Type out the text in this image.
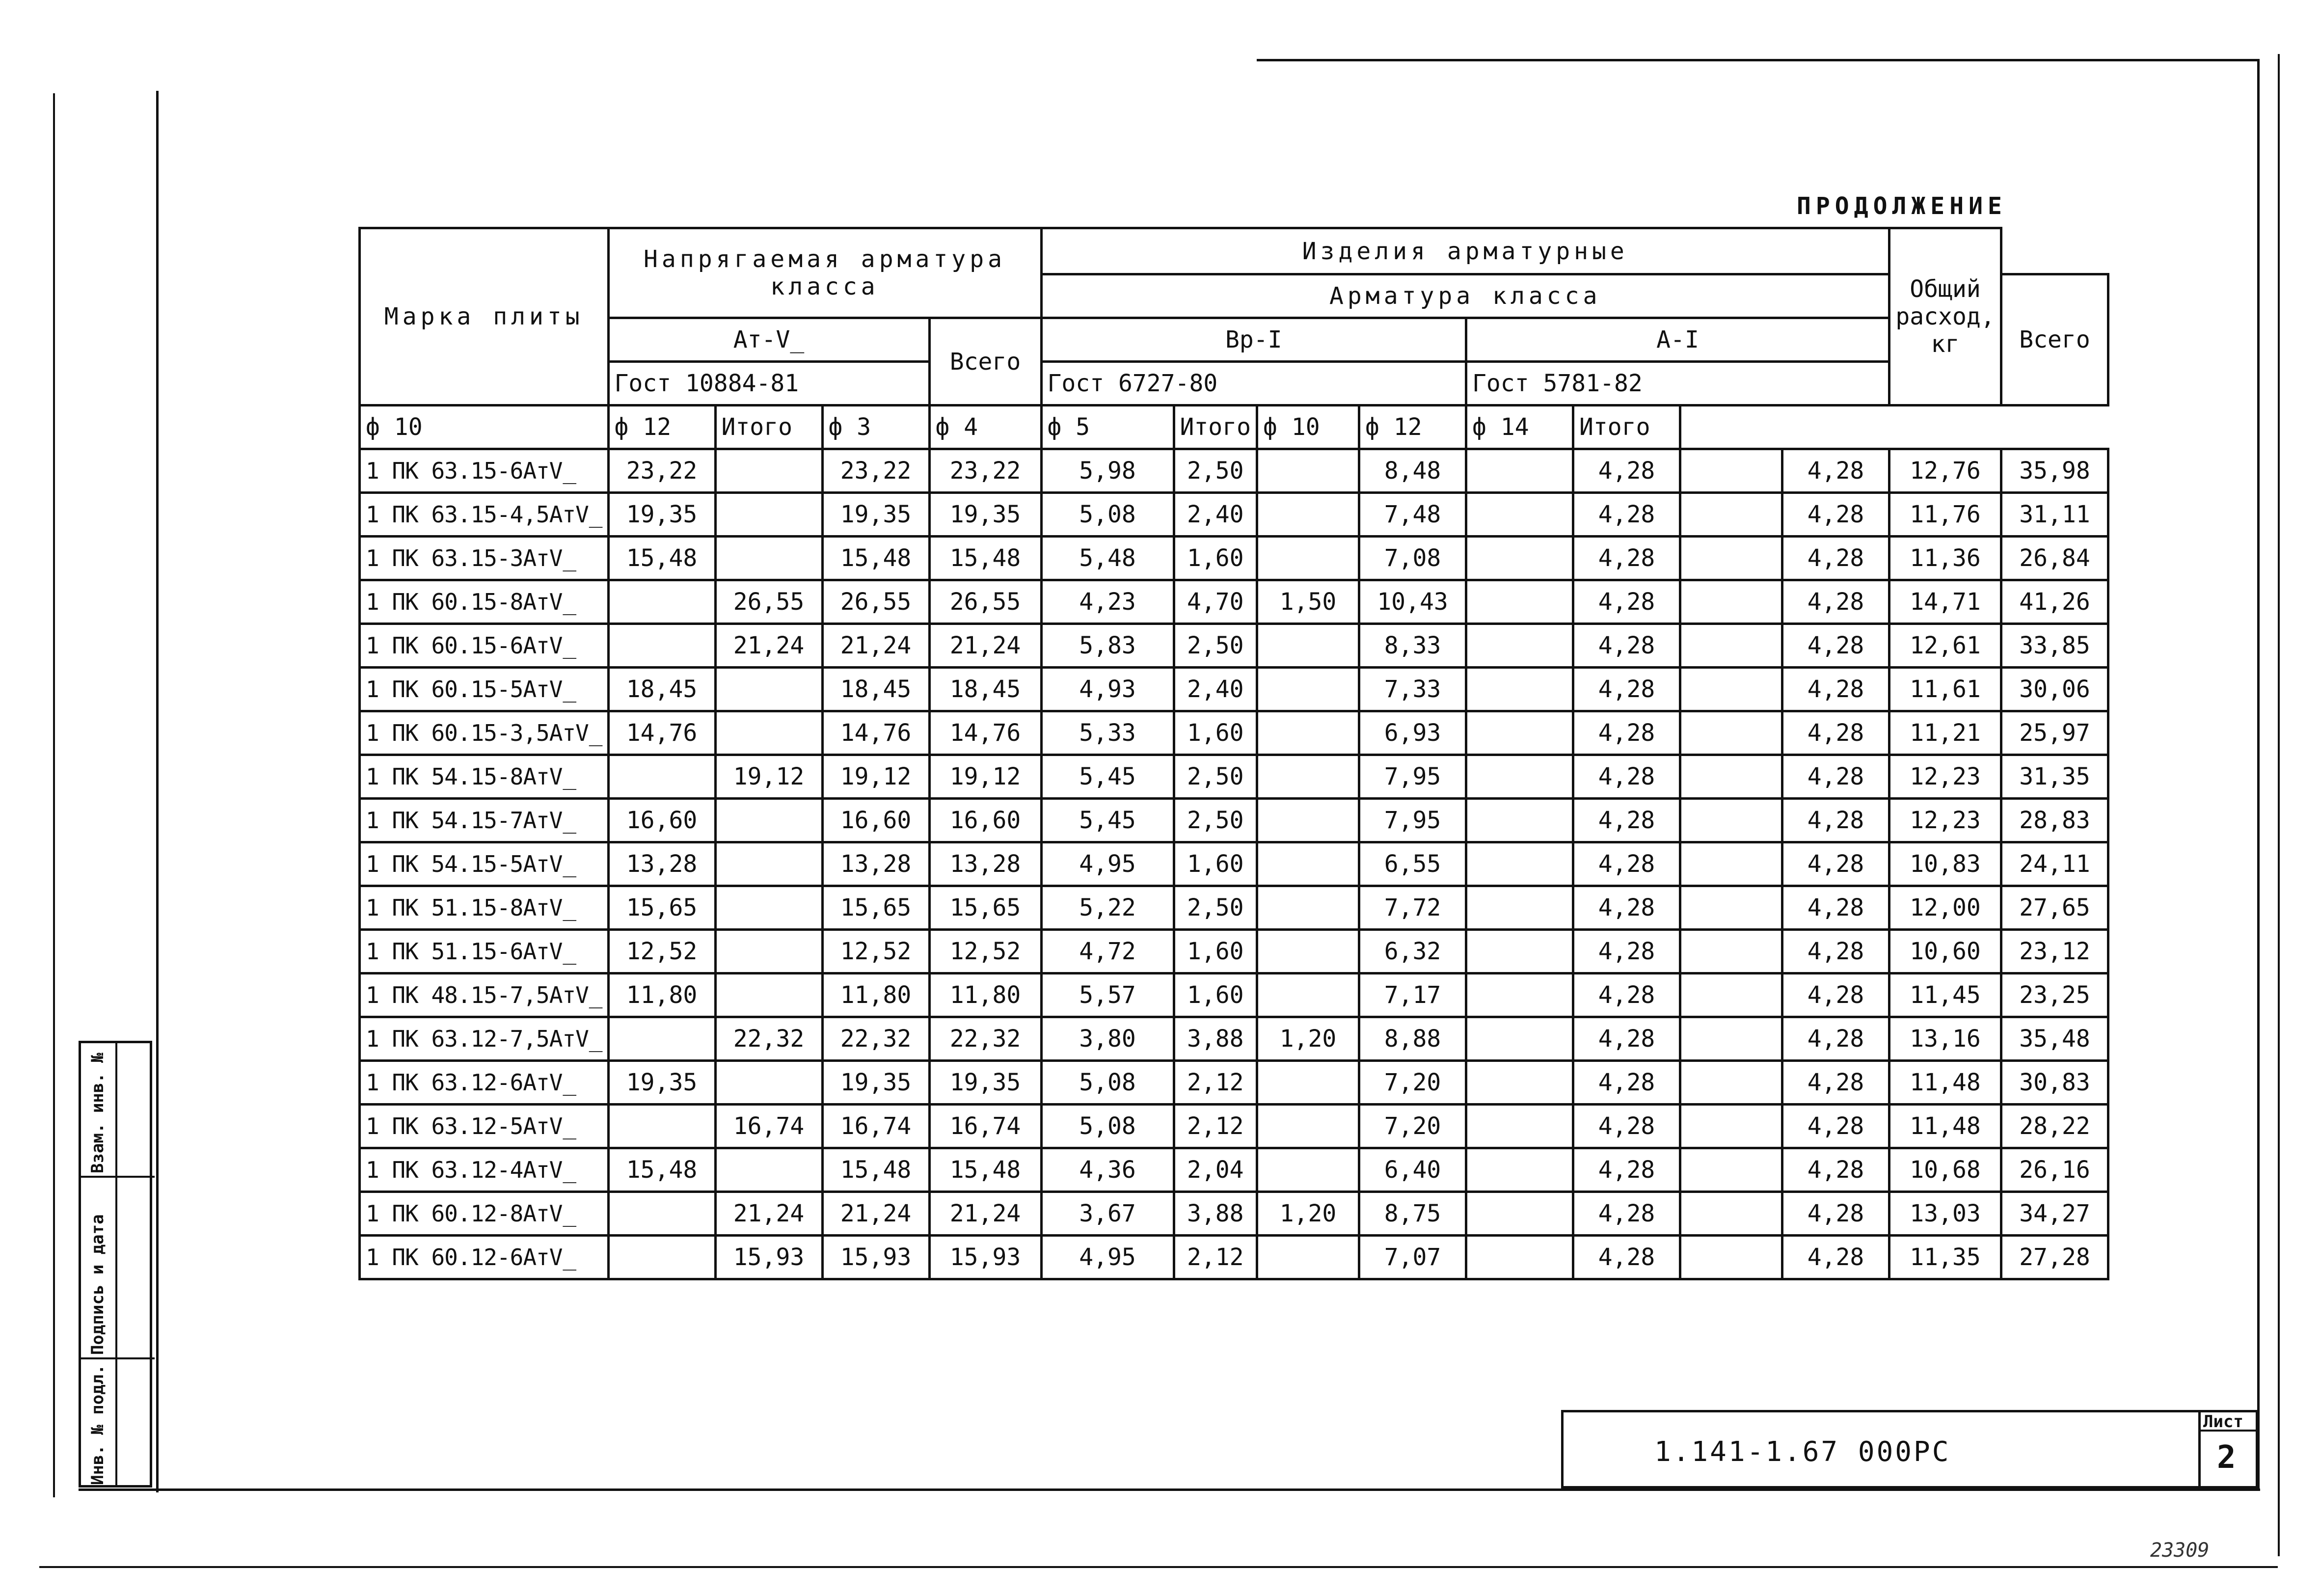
ПРОДОЛЖЕНИЕ
Марка плиты	Напрягаемая арматура класса				Изделия арматурные								Общий расход, кг	
					Арматура класса									Всего
	Ат-V̲			Всего	Вр-I				А-I					
	Гост 10884-81				Гост 6727-80				Гост 5781-82					
ф 10	ф 12	Итого	ф 3	ф 4	ф 5	Итого	ф 10	ф 12	ф 14	Итого				
1 ПК 63.15-6АтV̲	23,22		23,22	23,22	5,98	2,50		8,48		4,28		4,28	12,76	35,98
1 ПК 63.15-4,5АтV̲	19,35		19,35	19,35	5,08	2,40		7,48		4,28		4,28	11,76	31,11
1 ПК 63.15-3АтV̲	15,48		15,48	15,48	5,48	1,60		7,08		4,28		4,28	11,36	26,84
1 ПК 60.15-8АтV̲		26,55	26,55	26,55	4,23	4,70	1,50	10,43		4,28		4,28	14,71	41,26
1 ПК 60.15-6АтV̲		21,24	21,24	21,24	5,83	2,50		8,33		4,28		4,28	12,61	33,85
1 ПК 60.15-5АтV̲	18,45		18,45	18,45	4,93	2,40		7,33		4,28		4,28	11,61	30,06
1 ПК 60.15-3,5АтV̲	14,76		14,76	14,76	5,33	1,60		6,93		4,28		4,28	11,21	25,97
1 ПК 54.15-8АтV̲		19,12	19,12	19,12	5,45	2,50		7,95		4,28		4,28	12,23	31,35
1 ПК 54.15-7АтV̲	16,60		16,60	16,60	5,45	2,50		7,95		4,28		4,28	12,23	28,83
1 ПК 54.15-5АтV̲	13,28		13,28	13,28	4,95	1,60		6,55		4,28		4,28	10,83	24,11
1 ПК 51.15-8АтV̲	15,65		15,65	15,65	5,22	2,50		7,72		4,28		4,28	12,00	27,65
1 ПК 51.15-6АтV̲	12,52		12,52	12,52	4,72	1,60		6,32		4,28		4,28	10,60	23,12
1 ПК 48.15-7,5АтV̲	11,80		11,80	11,80	5,57	1,60		7,17		4,28		4,28	11,45	23,25
1 ПК 63.12-7,5АтV̲		22,32	22,32	22,32	3,80	3,88	1,20	8,88		4,28		4,28	13,16	35,48
1 ПК 63.12-6АтV̲	19,35		19,35	19,35	5,08	2,12		7,20		4,28		4,28	11,48	30,83
1 ПК 63.12-5АтV̲		16,74	16,74	16,74	5,08	2,12		7,20		4,28		4,28	11,48	28,22
1 ПК 63.12-4АтV̲	15,48		15,48	15,48	4,36	2,04		6,40		4,28		4,28	10,68	26,16
1 ПК 60.12-8АтV̲		21,24	21,24	21,24	3,67	3,88	1,20	8,75		4,28		4,28	13,03	34,27
1 ПК 60.12-6АтV̲		15,93	15,93	15,93	4,95	2,12		7,07		4,28		4,28	11,35	27,28
1.141-1.67 000РС
Лист
2
Взам. инв. №
Подпись и дата
Инв. № подл.
23309
